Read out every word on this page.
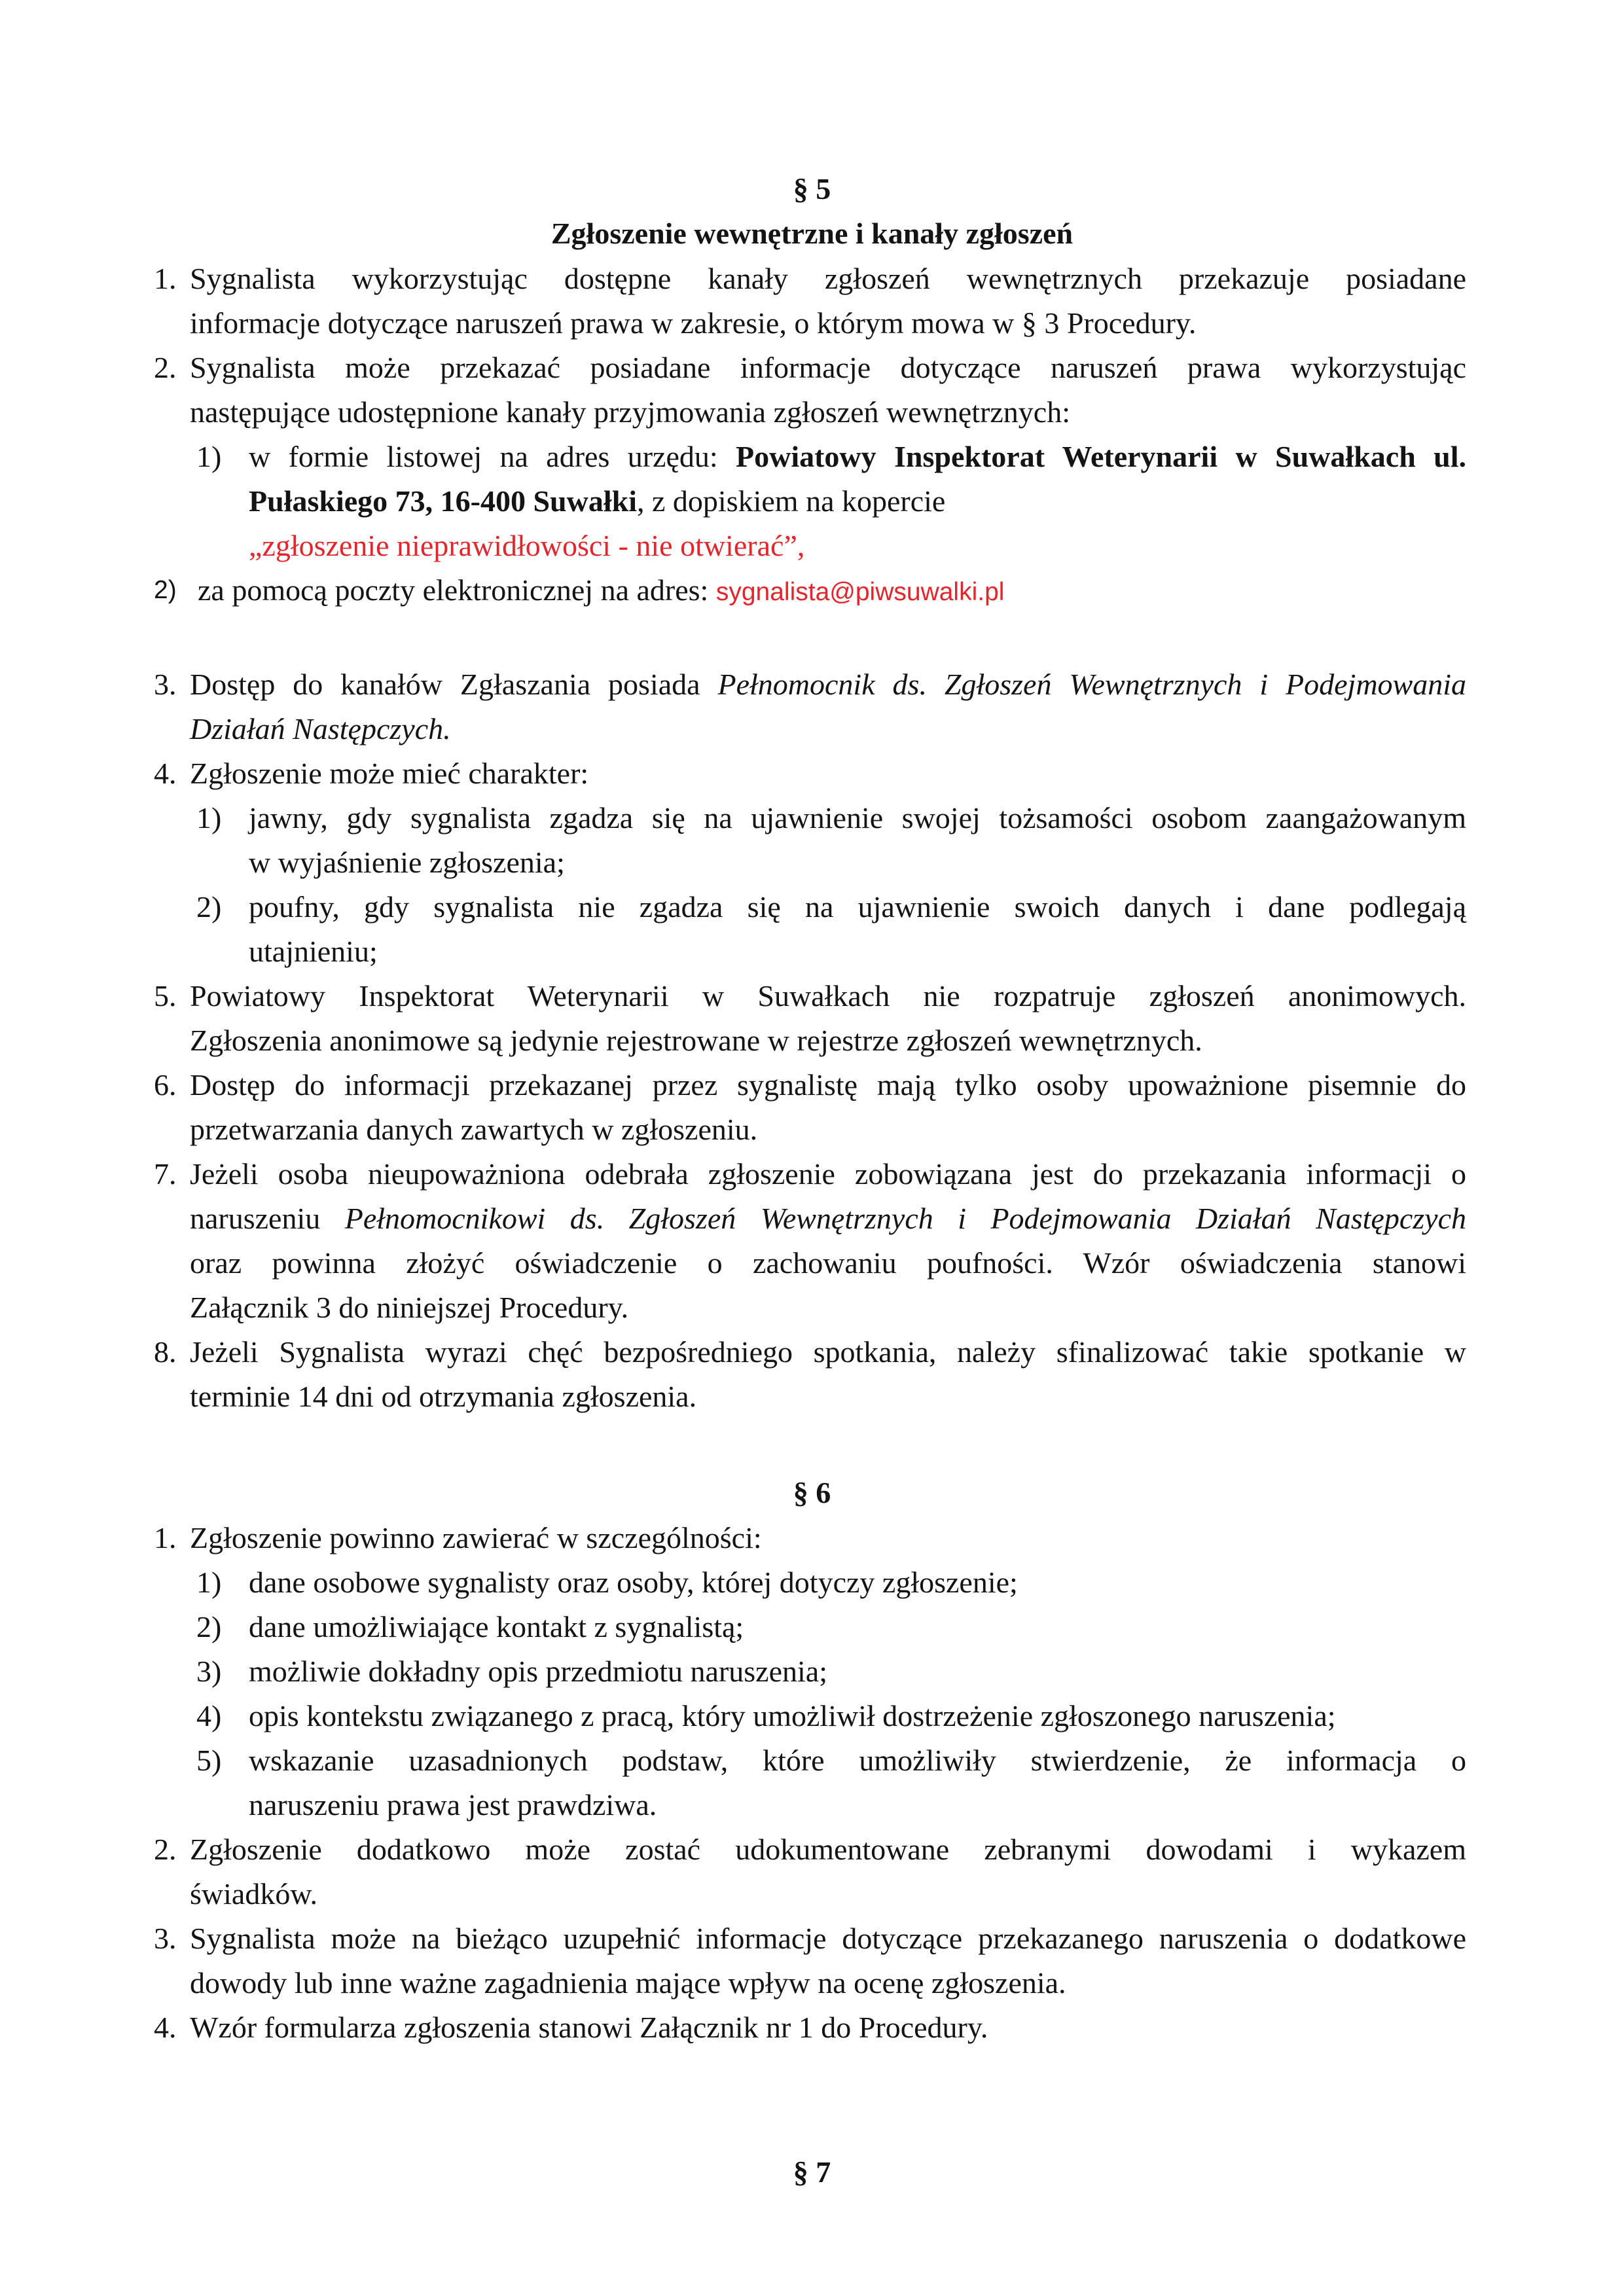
§ 5
Zgłoszenie wewnętrzne i kanały zgłoszeń
1. Sygnalista wykorzystując dostępne kanały zgłoszeń wewnętrznych przekazuje posiadane
informacje dotyczące naruszeń prawa w zakresie, o którym mowa w § 3 Procedury.
2. Sygnalista może przekazać posiadane informacje dotyczące naruszeń prawa wykorzystując
następujące udostępnione kanały przyjmowania zgłoszeń wewnętrznych:
1) w formie listowej na adres urzędu: Powiatowy Inspektorat Weterynarii w Suwałkach ul.
Pułaskiego 73, 16-400 Suwałki, z dopiskiem na kopercie
„zgłoszenie nieprawidłowości - nie otwierać”,
2) za pomocą poczty elektronicznej na adres: sygnalista@piwsuwalki.pl
3. Dostęp do kanałów Zgłaszania posiada Pełnomocnik ds. Zgłoszeń Wewnętrznych i Podejmowania
Działań Następczych.
4. Zgłoszenie może mieć charakter:
1) jawny, gdy sygnalista zgadza się na ujawnienie swojej tożsamości osobom zaangażowanym
w wyjaśnienie zgłoszenia;
2) poufny, gdy sygnalista nie zgadza się na ujawnienie swoich danych i dane podlegają
utajnieniu;
5. Powiatowy Inspektorat Weterynarii w Suwałkach nie rozpatruje zgłoszeń anonimowych.
Zgłoszenia anonimowe są jedynie rejestrowane w rejestrze zgłoszeń wewnętrznych.
6. Dostęp do informacji przekazanej przez sygnalistę mają tylko osoby upoważnione pisemnie do
przetwarzania danych zawartych w zgłoszeniu.
7. Jeżeli osoba nieupoważniona odebrała zgłoszenie zobowiązana jest do przekazania informacji o
naruszeniu Pełnomocnikowi ds. Zgłoszeń Wewnętrznych i Podejmowania Działań Następczych
oraz powinna złożyć oświadczenie o zachowaniu poufności. Wzór oświadczenia stanowi
Załącznik 3 do niniejszej Procedury.
8. Jeżeli Sygnalista wyrazi chęć bezpośredniego spotkania, należy sfinalizować takie spotkanie w
terminie 14 dni od otrzymania zgłoszenia.
§ 6
1. Zgłoszenie powinno zawierać w szczególności:
1) dane osobowe sygnalisty oraz osoby, której dotyczy zgłoszenie;
2) dane umożliwiające kontakt z sygnalistą;
3) możliwie dokładny opis przedmiotu naruszenia;
4) opis kontekstu związanego z pracą, który umożliwił dostrzeżenie zgłoszonego naruszenia;
5) wskazanie uzasadnionych podstaw, które umożliwiły stwierdzenie, że informacja o
naruszeniu prawa jest prawdziwa.
2. Zgłoszenie dodatkowo może zostać udokumentowane zebranymi dowodami i wykazem
świadków.
3. Sygnalista może na bieżąco uzupełnić informacje dotyczące przekazanego naruszenia o dodatkowe
dowody lub inne ważne zagadnienia mające wpływ na ocenę zgłoszenia.
4. Wzór formularza zgłoszenia stanowi Załącznik nr 1 do Procedury.
§ 7
